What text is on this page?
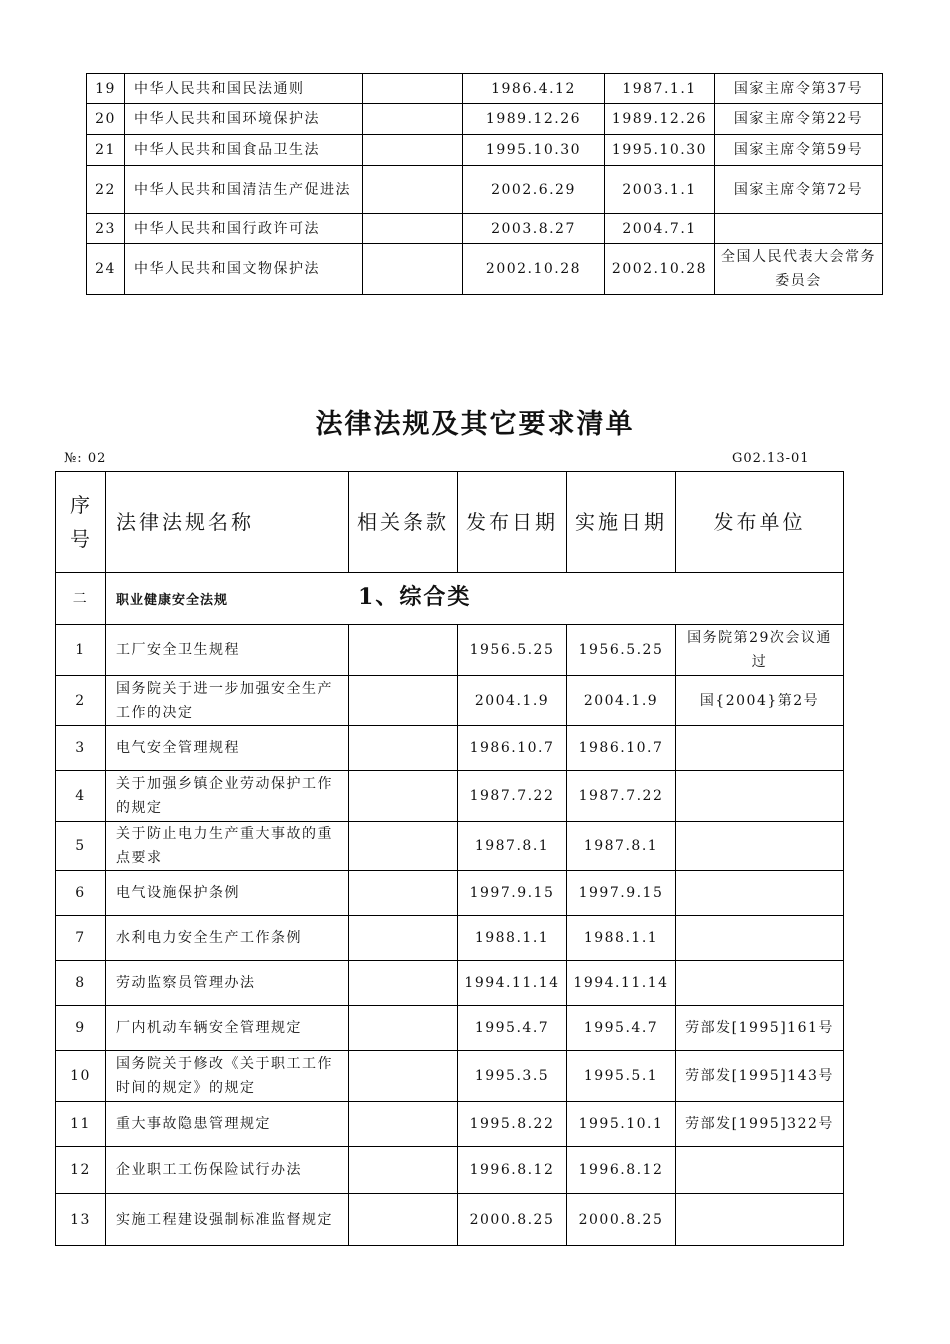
19	中华人民共和国民法通则		1986.4.12	1987.1.1	国家主席令第37号
20	中华人民共和国环境保护法		1989.12.26	1989.12.26	国家主席令第22号
21	中华人民共和国食品卫生法		1995.10.30	1995.10.30	国家主席令第59号
22	中华人民共和国清洁生产促进法		2002.6.29	2003.1.1	国家主席令第72号
23	中华人民共和国行政许可法		2003.8.27	2004.7.1	
24	中华人民共和国文物保护法		2002.10.28	2002.10.28	全国人民代表大会常务委员会
法律法规及其它要求清单
№: 02	G02.13-01
序号	法律法规名称	相关条款	发布日期	实施日期	发布单位
二	职业健康安全法规 1、综合类				
1	工厂安全卫生规程		1956.5.25	1956.5.25	国务院第29次会议通过
2	国务院关于进一步加强安全生产工作的决定		2004.1.9	2004.1.9	国{2004}第2号
3	电气安全管理规程		1986.10.7	1986.10.7	
4	关于加强乡镇企业劳动保护工作的规定		1987.7.22	1987.7.22	
5	关于防止电力生产重大事故的重点要求		1987.8.1	1987.8.1	
6	电气设施保护条例		1997.9.15	1997.9.15	
7	水利电力安全生产工作条例		1988.1.1	1988.1.1	
8	劳动监察员管理办法		1994.11.14	1994.11.14	
9	厂内机动车辆安全管理规定		1995.4.7	1995.4.7	劳部发[1995]161号
10	国务院关于修改《关于职工工作时间的规定》的规定		1995.3.5	1995.5.1	劳部发[1995]143号
11	重大事故隐患管理规定		1995.8.22	1995.10.1	劳部发[1995]322号
12	企业职工工伤保险试行办法		1996.8.12	1996.8.12	
13	实施工程建设强制标准监督规定		2000.8.25	2000.8.25	
